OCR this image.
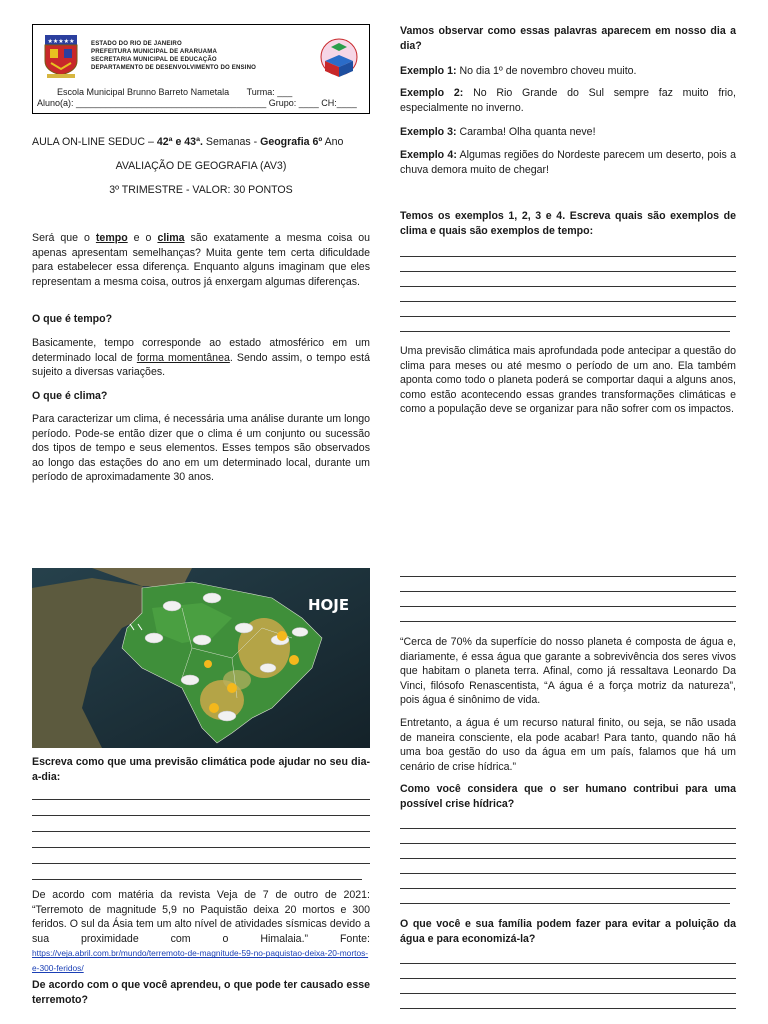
★★★★★	ESTADO DO RIO DE JANEIRO
PREFEITURA MUNICIPAL DE ARARUAMA
SECRETARIA MUNICIPAL DE EDUCAÇÃO
DEPARTAMENTO DE DESENVOLVIMENTO DO ENSINO
Escola Municipal Brunno Barreto Nametala Turma: ___
Aluno(a): ______________________________________ Grupo: ____ CH:____
AULA ON-LINE SEDUC – 42ª e 43ª. Semanas - Geografia 6º Ano
AVALIAÇÃO DE GEOGRAFIA (AV3)
3º TRIMESTRE - VALOR: 30 PONTOS

Será que o tempo e o clima são exatamente a mesma coisa ou apenas apresentam semelhanças? Muita gente tem certa dificuldade para estabelecer essa diferença. Enquanto alguns imaginam que eles representam a mesma coisa, outros já enxergam algumas diferenças.

O que é tempo?

Basicamente, tempo corresponde ao estado atmosférico em um determinado local de forma momentânea. Sendo assim, o tempo está sujeito a diversas variações.

O que é clima?

Para caracterizar um clima, é necessária uma análise durante um longo período. Pode-se então dizer que o clima é um conjunto ou sucessão dos tipos de tempo e seus elementos. Esses tempos são observados ao longo das estações do ano em um determinado local, durante um período de aproximadamente 30 anos.

HOJE
Escreva como que uma previsão climática pode ajudar no seu dia-a-dia:

De acordo com matéria da revista Veja de 7 de outro de 2021: “Terremoto de magnitude 5,9 no Paquistão deixa 20 mortos e 300 feridos. O sul da Ásia tem um alto nível de atividades sísmicas devido a sua proximidade com o Himalaia.” Fonte: https://veja.abril.com.br/mundo/terremoto-de-magnitude-59-no-paquistao-deixa-20-mortos-e-300-feridos/

De acordo com o que você aprendeu, o que pode ter causado esse terremoto?
Vamos observar como essas palavras aparecem em nosso dia a dia?

Exemplo 1: No dia 1º de novembro choveu muito.

Exemplo 2: No Rio Grande do Sul sempre faz muito frio, especialmente no inverno.

Exemplo 3: Caramba! Olha quanta neve!

Exemplo 4: Algumas regiões do Nordeste parecem um deserto, pois a chuva demora muito de chegar!

Temos os exemplos 1, 2, 3 e 4. Escreva quais são exemplos de clima e quais são exemplos de tempo:

Uma previsão climática mais aprofundada pode antecipar a questão do clima para meses ou até mesmo o período de um ano. Ela também aponta como todo o planeta poderá se comportar daqui a alguns anos, como estão acontecendo essas grandes transformações climáticas e como a população deve se organizar para não sofrer com os impactos.

“Cerca de 70% da superfície do nosso planeta é composta de água e, diariamente, é essa água que garante a sobrevivência dos seres vivos que habitam o planeta terra. Afinal, como já ressaltava Leonardo Da Vinci, filósofo Renascentista, “A água é a força motriz da natureza”, pois água é sinônimo de vida.

Entretanto, a água é um recurso natural finito, ou seja, se não usada de maneira consciente, ela pode acabar! Para tanto, quando não há uma boa gestão do uso da água em um país, falamos que há um cenário de crise hídrica.”

Como você considera que o ser humano contribui para uma possível crise hídrica?
O que você e sua família podem fazer para evitar a poluição da água e para economizá-la?
